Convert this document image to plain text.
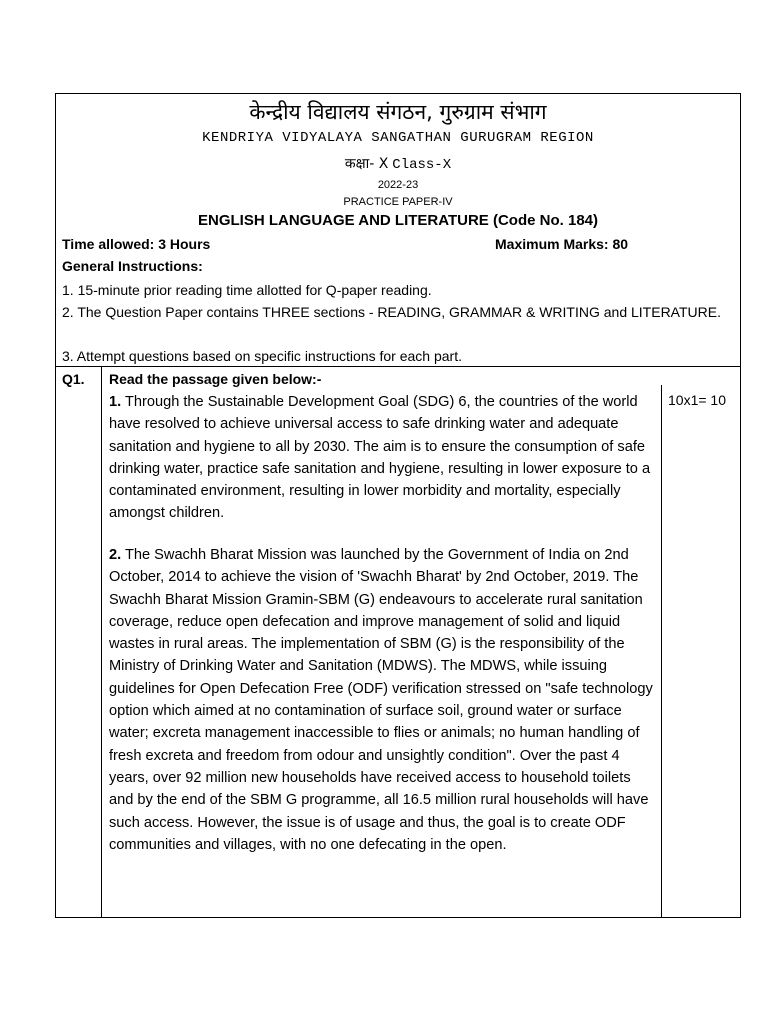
केन्द्रीय विद्यालय संगठन, गुरुग्राम संभाग
KENDRIYA VIDYALAYA SANGATHAN GURUGRAM REGION
कक्षा- X Class-X
2022-23
PRACTICE PAPER-IV
ENGLISH LANGUAGE AND LITERATURE (Code No. 184)
Time allowed: 3 Hours	Maximum Marks: 80
General Instructions:
1. 15-minute prior reading time allotted for Q-paper reading.
2. The Question Paper contains THREE sections - READING, GRAMMAR & WRITING and LITERATURE.
3. Attempt questions based on specific instructions for each part.
Q1. Read the passage given below:-
10x1= 10
1. Through the Sustainable Development Goal (SDG) 6, the countries of the world have resolved to achieve universal access to safe drinking water and adequate sanitation and hygiene to all by 2030. The aim is to ensure the consumption of safe drinking water, practice safe sanitation and hygiene, resulting in lower exposure to a contaminated environment, resulting in lower morbidity and mortality, especially amongst children.
2. The Swachh Bharat Mission was launched by the Government of India on 2nd October, 2014 to achieve the vision of 'Swachh Bharat' by 2nd October, 2019. The Swachh Bharat Mission Gramin-SBM (G) endeavours to accelerate rural sanitation coverage, reduce open defecation and improve management of solid and liquid wastes in rural areas. The implementation of SBM (G) is the responsibility of the Ministry of Drinking Water and Sanitation (MDWS). The MDWS, while issuing guidelines for Open Defecation Free (ODF) verification stressed on "safe technology option which aimed at no contamination of surface soil, ground water or surface water; excreta management inaccessible to flies or animals; no human handling of fresh excreta and freedom from odour and unsightly condition". Over the past 4 years, over 92 million new households have received access to household toilets and by the end of the SBM G programme, all 16.5 million rural households will have such access. However, the issue is of usage and thus, the goal is to create ODF communities and villages, with no one defecating in the open.
